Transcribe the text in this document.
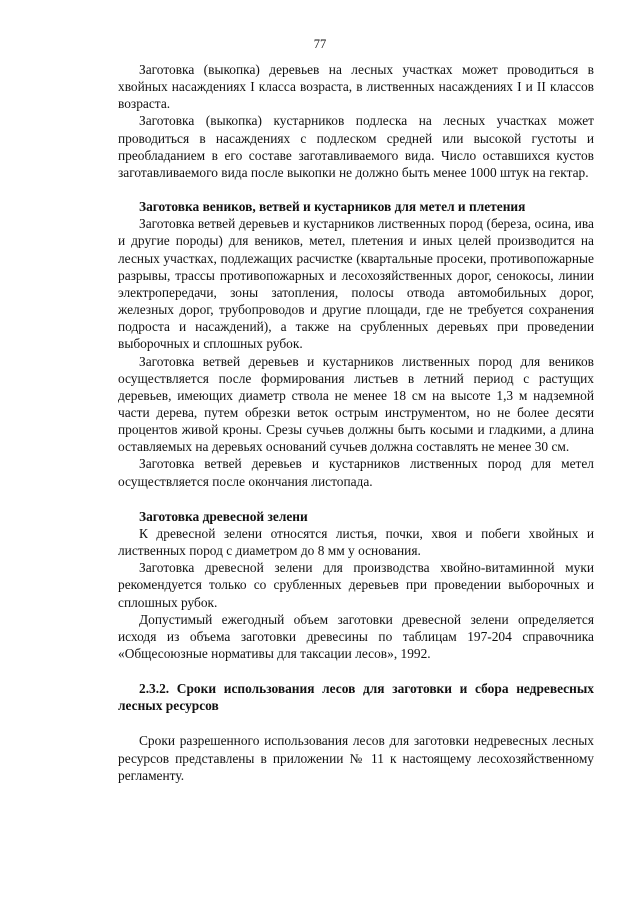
77

Заготовка (выкопка) деревьев на лесных участках может проводиться в хвойных насаждениях I класса возраста, в лиственных насаждениях I и II классов возраста.

Заготовка (выкопка) кустарников подлеска на лесных участках может проводиться в насаждениях с подлеском средней или высокой густоты и преобладанием в его составе заготавливаемого вида. Число оставшихся кустов заготавливаемого вида после выкопки не должно быть менее 1000 штук на гектар.

Заготовка веников, ветвей и кустарников для метел и плетения

Заготовка ветвей деревьев и кустарников лиственных пород (береза, осина, ива и другие породы) для веников, метел, плетения и иных целей производится на лесных участках, подлежащих расчистке (квартальные просеки, противопожарные разрывы, трассы противопожарных и лесохозяйственных дорог, сенокосы, линии электропередачи, зоны затопления, полосы отвода автомобильных дорог, железных дорог, трубопроводов и другие площади, где не требуется сохранения подроста и насаждений), а также на срубленных деревьях при проведении выборочных и сплошных рубок.

Заготовка ветвей деревьев и кустарников лиственных пород для веников осуществляется после формирования листьев в летний период с растущих деревьев, имеющих диаметр ствола не менее 18 см на высоте 1,3 м надземной части дерева, путем обрезки веток острым инструментом, но не более десяти процентов живой кроны. Срезы сучьев должны быть косыми и гладкими, а длина оставляемых на деревьях оснований сучьев должна составлять не менее 30 см.

Заготовка ветвей деревьев и кустарников лиственных пород для метел осуществляется после окончания листопада.

Заготовка древесной зелени

К древесной зелени относятся листья, почки, хвоя и побеги хвойных и лиственных пород с диаметром до 8 мм у основания.

Заготовка древесной зелени для производства хвойно-витаминной муки рекомендуется только со срубленных деревьев при проведении выборочных и сплошных рубок.

Допустимый ежегодный объем заготовки древесной зелени определяется исходя из объема заготовки древесины по таблицам 197-204 справочника «Общесоюзные нормативы для таксации лесов», 1992.

2.3.2. Сроки использования лесов для заготовки и сбора недревесных лесных ресурсов

Сроки разрешенного использования лесов для заготовки недревесных лесных ресурсов представлены в приложении № 11 к настоящему лесохозяйственному регламенту.
